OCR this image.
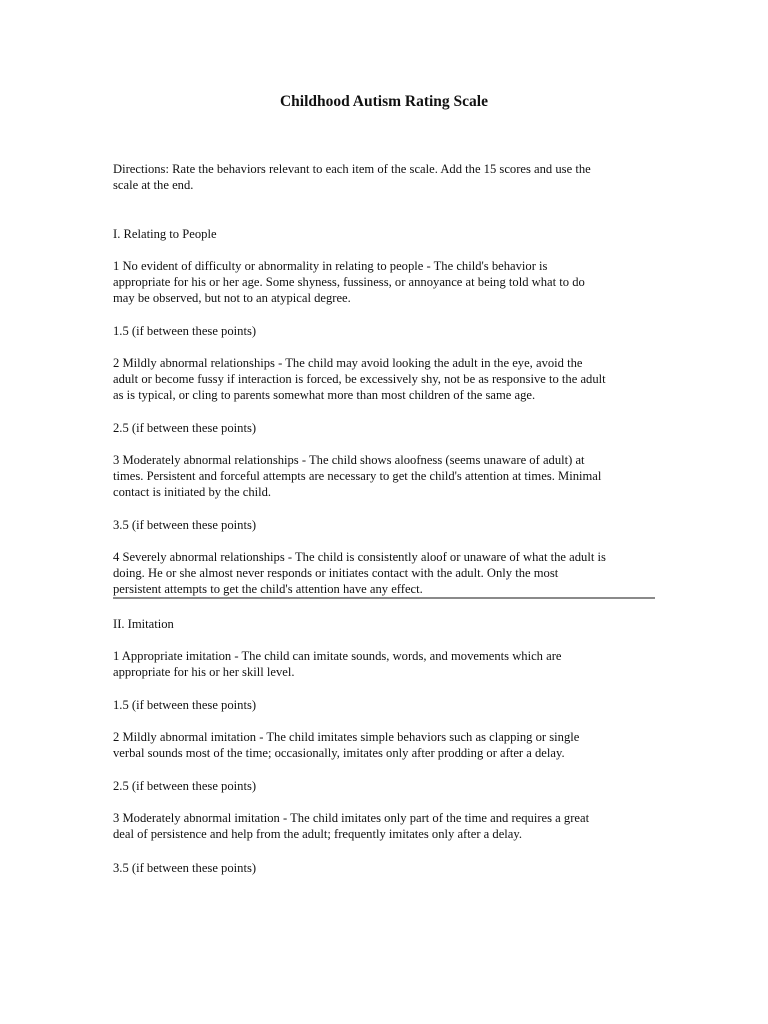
Childhood Autism Rating Scale

Directions: Rate the behaviors relevant to each item of the scale. Add the 15 scores and use the
scale at the end.

I. Relating to People

1 No evident of difficulty or abnormality in relating to people - The child's behavior is
appropriate for his or her age. Some shyness, fussiness, or annoyance at being told what to do
may be observed, but not to an atypical degree.

1.5 (if between these points)

2 Mildly abnormal relationships - The child may avoid looking the adult in the eye, avoid the
adult or become fussy if interaction is forced, be excessively shy, not be as responsive to the adult
as is typical, or cling to parents somewhat more than most children of the same age.

2.5 (if between these points)

3 Moderately abnormal relationships - The child shows aloofness (seems unaware of adult) at
times. Persistent and forceful attempts are necessary to get the child's attention at times. Minimal
contact is initiated by the child.

3.5 (if between these points)

4 Severely abnormal relationships - The child is consistently aloof or unaware of what the adult is
doing. He or she almost never responds or initiates contact with the adult. Only the most
persistent attempts to get the child's attention have any effect.

II. Imitation

1 Appropriate imitation - The child can imitate sounds, words, and movements which are
appropriate for his or her skill level.

1.5 (if between these points)

2 Mildly abnormal imitation - The child imitates simple behaviors such as clapping or single
verbal sounds most of the time; occasionally, imitates only after prodding or after a delay.

2.5 (if between these points)

3 Moderately abnormal imitation - The child imitates only part of the time and requires a great
deal of persistence and help from the adult; frequently imitates only after a delay.

3.5 (if between these points)
